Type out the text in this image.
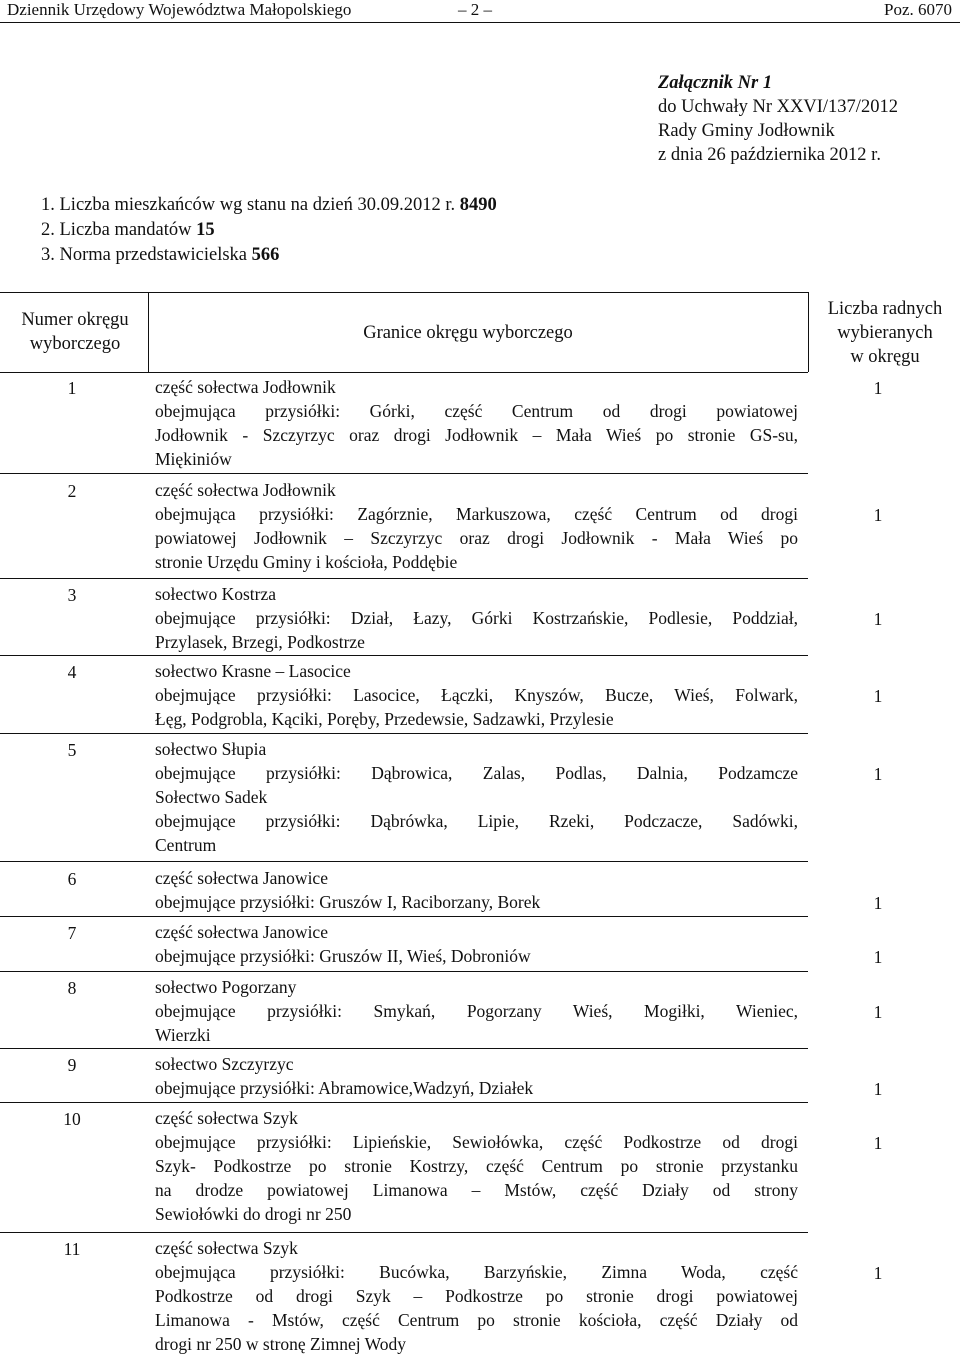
Dziennik Urzędowy Województwa Małopolskiego	– 2 –	Poz. 6070
Załącznik Nr 1
do Uchwały Nr XXVI/137/2012
Rady Gminy Jodłownik
z dnia 26 października 2012 r.
1. Liczba mieszkańców wg stanu na dzień 30.09.2012 r. 8490
2. Liczba mandatów 15
3. Norma przedstawicielska 566
Numer okręgu
wyborczego
Granice okręgu wyborczego
Liczba radnych
wybieranych
w okręgu
1	część sołectwa Jodłownik
obejmująca przysiółki: Górki, część Centrum od drogi powiatowej
Jodłownik - Szczyrzyc oraz drogi Jodłownik – Mała Wieś po stronie GS-su,
Miękiniów
1
2	część sołectwa Jodłownik
obejmująca przysiółki: Zagórznie, Markuszowa, część Centrum od drogi
powiatowej Jodłownik – Szczyrzyc oraz drogi Jodłownik - Mała Wieś po
stronie Urzędu Gminy i kościoła, Poddębie
1
3	sołectwo Kostrza
obejmujące przysiółki: Dział, Łazy, Górki Kostrzańskie, Podlesie, Poddział,
Przylasek, Brzegi, Podkostrze
1
4	sołectwo Krasne – Lasocice
obejmujące przysiółki: Lasocice, Łączki, Knyszów, Bucze, Wieś, Folwark,
Łęg, Podgrobla, Kąciki, Poręby, Przedewsie, Sadzawki, Przylesie
1
5	sołectwo Słupia
obejmujące przysiółki: Dąbrowica, Zalas, Podlas, Dalnia, Podzamcze
Sołectwo Sadek
obejmujące przysiółki: Dąbrówka, Lipie, Rzeki, Podczacze, Sadówki,
Centrum
1
6	część sołectwa Janowice
obejmujące przysiółki: Gruszów I, Raciborzany, Borek	1
7	część sołectwa Janowice
obejmujące przysiółki: Gruszów II, Wieś, Dobroniów	1
8	sołectwo Pogorzany
obejmujące przysiółki: Smykań, Pogorzany Wieś, Mogiłki, Wieniec,
Wierzki
1
9	sołectwo Szczyrzyc
obejmujące przysiółki: Abramowice,Wadzyń, Działek	1
10	część sołectwa Szyk
obejmujące przysiółki: Lipieńskie, Sewiołówka, część Podkostrze od drogi
Szyk- Podkostrze po stronie Kostrzy, część Centrum po stronie przystanku
na drodze powiatowej Limanowa – Mstów, część Działy od strony
Sewiołówki do drogi nr 250
1
11	część sołectwa Szyk
obejmująca przysiółki: Bucówka, Barzyńskie, Zimna Woda, część
Podkostrze od drogi Szyk – Podkostrze po stronie drogi powiatowej
Limanowa - Mstów, część Centrum po stronie kościoła, część Działy od
drogi nr 250 w stronę Zimnej Wody
1
